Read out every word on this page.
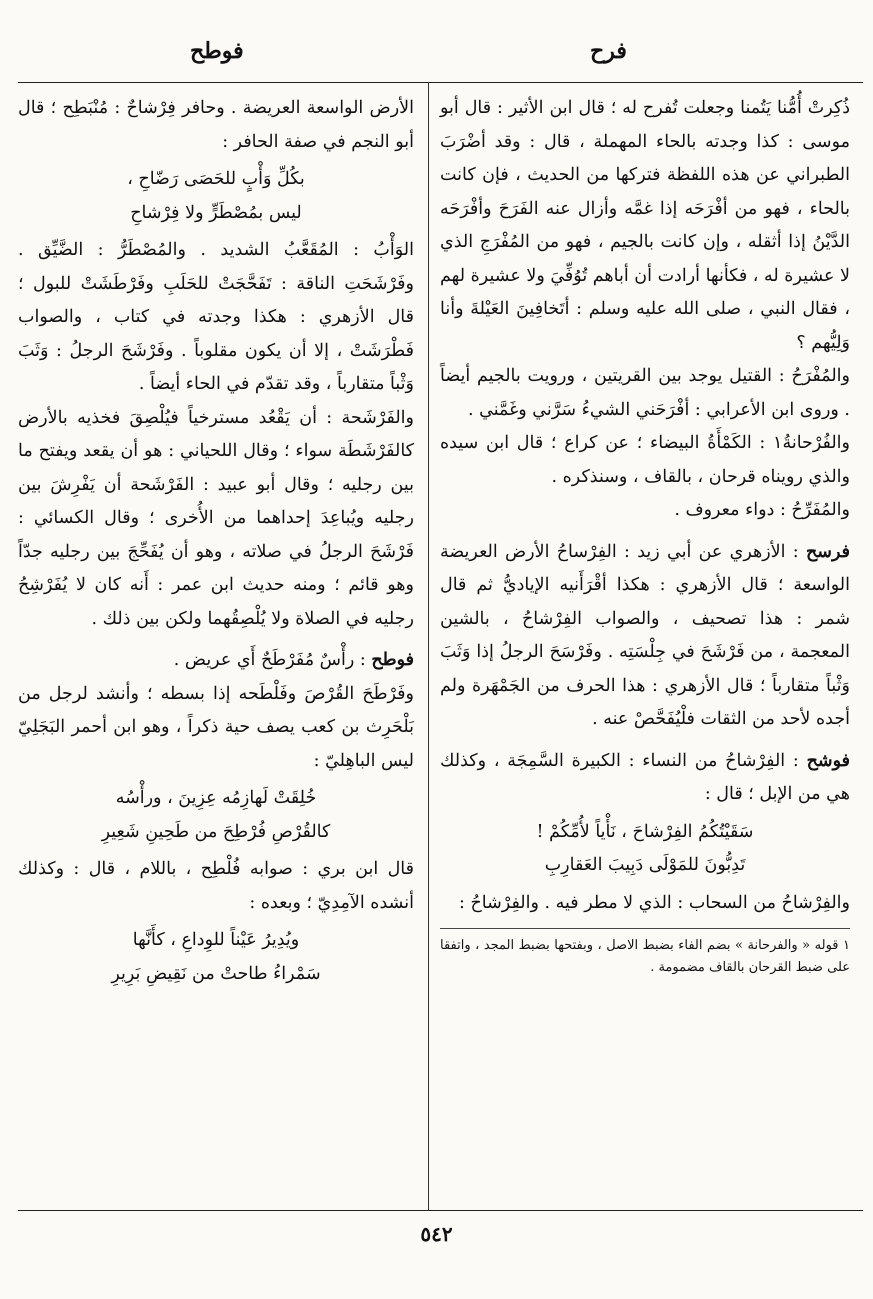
فرح
فوطح

ذُكِرتْ أُمُّنا يَتُمنا وجعلت تُفرح له ؛ قال ابن الأثير : قال أبو موسى : كذا وجدته بالحاء المهملة ، قال : وقد أضْرَبَ الطبراني عن هذه اللفظة فتركها من الحديث ، فإن كانت بالحاء ، فهو من أفْرَحَه إذا غمَّه وأزال عنه الفَرَحَ وأفْرَحَه الدَّيْنُ إذا أثقله ، وإن كانت بالجيم ، فهو من المُفْرَجِ الذي لا عشيرة له ، فكأنها أرادت أن أباهم تُوُفِّيَ ولا عشيرة لهم ، فقال النبي ، صلى الله عليه وسلم : أتَخافِينَ العَيْلةَ وأنا وَلِيُّهم ؟

والمُفْرَحُ : القتيل يوجد بين القريتين ، ورويت بالجيم أيضاً . وروى ابن الأعرابي : أفْرَحَني الشيءُ سَرَّني وغَمَّني .

والفُرْحانةُ١ : الكَمْأَةُ البيضاء ؛ عن كراع ؛ قال ابن سيده والذي رويناه قرحان ، بالقاف ، وسنذكره .

والمُفَرِّحُ : دواء معروف .

فرسح : الأزهري عن أبي زيد : الفِرْساحُ الأرض العريضة الواسعة ؛ قال الأزهري : هكذا أقْرَأَنيه الإياديُّ ثم قال شمر : هذا تصحيف ، والصواب الفِرْشاحُ ، بالشين المعجمة ، من فَرْشَحَ في جِلْسَتِه . وفَرْسَحَ الرجلُ إذا وَثَبَ وَثْباً متقارباً ؛ قال الأزهري : هذا الحرف من الجَمْهَرة ولم أجده لأحد من الثقات فلْيُفَحَّصْ عنه .

فوشح : الفِرْشاحُ من النساء : الكبيرة السَّمِجَة ، وكذلك هي من الإبل ؛ قال :

سَقَيْتُكُمُ الفِرْشاحَ ، نَأْياً لأُمِّكُمْ !
تَدِبُّونَ للمَوْلَى دَبِيبَ العَقارِبِ

والفِرْشاحُ من السحاب : الذي لا مطر فيه . والفِرْشاحُ :

١ قوله « والفرحانة » بضم الفاء بضبط الاصل ، وبفتحها بضبط المجد ، واتفقا على ضبط القرحان بالقاف مضمومة .

الأرض الواسعة العريضة . وحافر فِرْشاحٌ : مُنْبَطِح ؛ قال أبو النجم في صفة الحافر :

بكُلِّ وَأْبٍ للحَصَى رَضّاحِ ،
ليس بمُصْطَرٍّ ولا فِرْشاحِ

الوَأْبُ : المُقَعَّبُ الشديد . والمُصْطَرُّ : الضَّيِّق . وفَرْشَحَتِ الناقة : تَفَحَّجَتْ للحَلَبِ وفَرْطَشَتْ للبول ؛ قال الأزهري : هكذا وجدته في كتاب ، والصواب فَطْرَشَتْ ، إلا أن يكون مقلوباً . وفَرْشَحَ الرجلُ : وَثَبَ وَثْباً متقارباً ، وقد تقدّم في الحاء أيضاً .

والفَرْشَحة : أن يَقْعُد مسترخياً فيُلْصِقَ فخذيه بالأرض كالفَرْشَطَة سواء ؛ وقال اللحياني : هو أن يقعد ويفتح ما بين رجليه ؛ وقال أبو عبيد : الفَرْشَحة أن يَفْرِشَ بين رجليه ويُباعِدَ إحداهما من الأُخرى ؛ وقال الكسائي : فَرْشَحَ الرجلُ في صلاته ، وهو أن يُفَحِّجَ بين رجليه جدّاً وهو قائم ؛ ومنه حديث ابن عمر : أَنه كان لا يُفَرْشِحُ رجليه في الصلاة ولا يُلْصِقُهما ولكن بين ذلك .

فوطح : رأْسٌ مُفَرْطَحٌ أَي عريض .

وفَرْطَحَ القُرْصَ وفَلْطَحه إذا بسطه ؛ وأنشد لرجل من بَلْحَرِث بن كعب يصف حية ذكراً ، وهو ابن أحمر البَجَلِيّ ليس الباهِليّ :

خُلِقَتْ لَهازِمُه عِزِينَ ، ورأْسُه
كالقُرْصِ فُرْطِحَ من طَحِينِ شَعِيرِ

قال ابن بري : صوابه فُلْطِح ، باللام ، قال : وكذلك أنشده الآمِدِيّ ؛ وبعده :

ويُدِيرُ عَيْناً للوِداعِ ، كأَنَّها
سَمْراءُ طاحتْ من نَقِيضِ بَرِيرِ
٥٤٢
